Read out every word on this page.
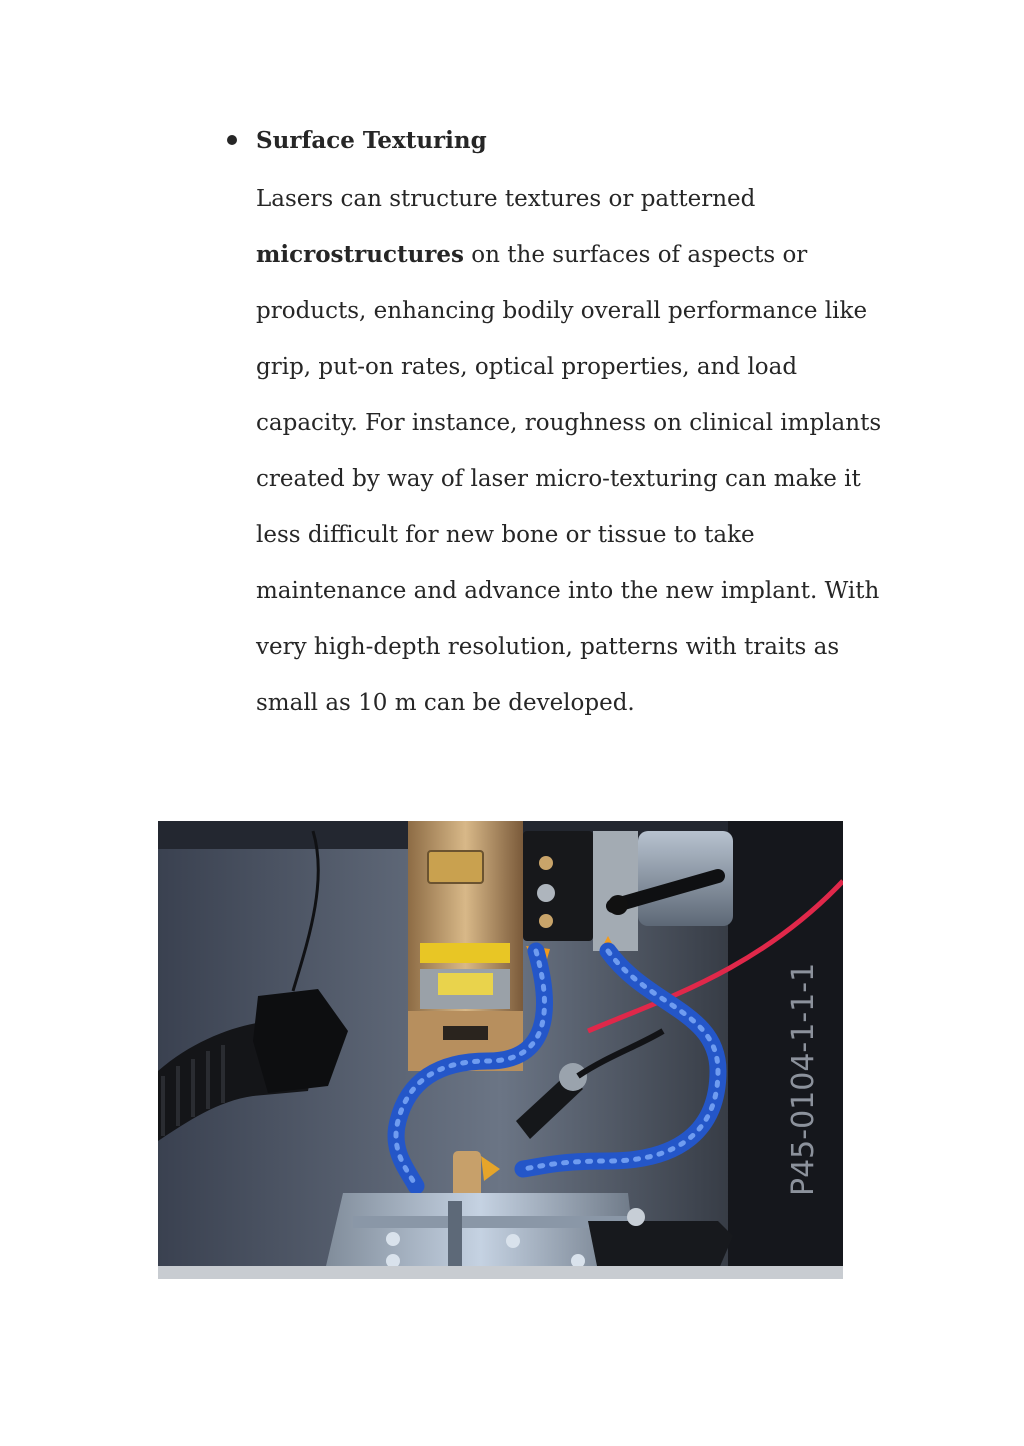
Surface Texturing
Lasers can structure textures or patterned
microstructures on the surfaces of aspects or
products, enhancing bodily overall performance like
grip, put-on rates, optical properties, and load
capacity. For instance, roughness on clinical implants
created by way of laser micro-texturing can make it
less difficult for new bone or tissue to take
maintenance and advance into the new implant. With
very high-depth resolution, patterns with traits as
small as 10 m can be developed.
P45-0104-1-1-1
